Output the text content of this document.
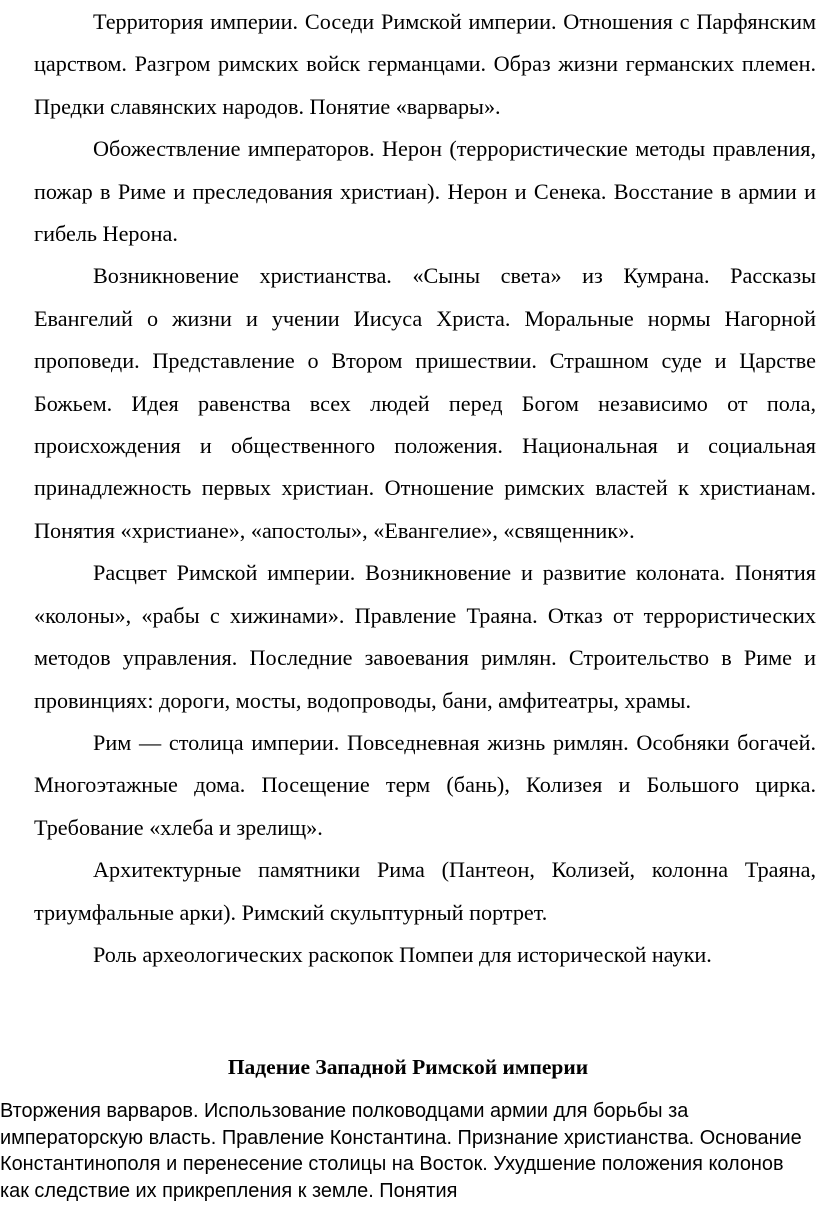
Территория империи. Соседи Римской империи. Отношения с Парфянским царством. Разгром римских войск германцами. Образ жизни германских племен. Предки славянских народов. Понятие «варвары».

Обожествление императоров. Нерон (террористические методы правления, пожар в Риме и преследования христиан). Нерон и Сенека. Восстание в армии и гибель Нерона.

Возникновение христианства. «Сыны света» из Кумрана. Рассказы Евангелий о жизни и учении Иисуса Христа. Моральные нормы Нагорной проповеди. Представление о Втором пришествии. Страшном суде и Царстве Божьем. Идея равенства всех людей перед Богом независимо от пола, происхождения и общественного положения. Национальная и социальная принадлежность первых христиан. Отношение римских властей к христианам. Понятия «христиане», «апостолы», «Евангелие», «священник».

Расцвет Римской империи. Возникновение и развитие колоната. Понятия «колоны», «рабы с хижинами». Правление Траяна. Отказ от террористических методов управления. Последние завоевания римлян. Строительство в Риме и провинциях: дороги, мосты, водопроводы, бани, амфитеатры, храмы.

Рим — столица империи. Повседневная жизнь римлян. Особняки богачей. Многоэтажные дома. Посещение терм (бань), Колизея и Большого цирка. Требование «хлеба и зрелищ».

Архитектурные памятники Рима (Пантеон, Колизей, колонна Траяна, триумфальные арки). Римский скульптурный портрет.

Роль археологических раскопок Помпеи для исторической науки.

Падение Западной Римской империи

Вторжения варваров. Использование полководцами армии для борьбы за императорскую власть. Правление Константина. Признание христианства. Основание Константинополя и перенесение столицы на Восток. Ухудшение положения колонов как следствие их прикрепления к земле. Понятия
